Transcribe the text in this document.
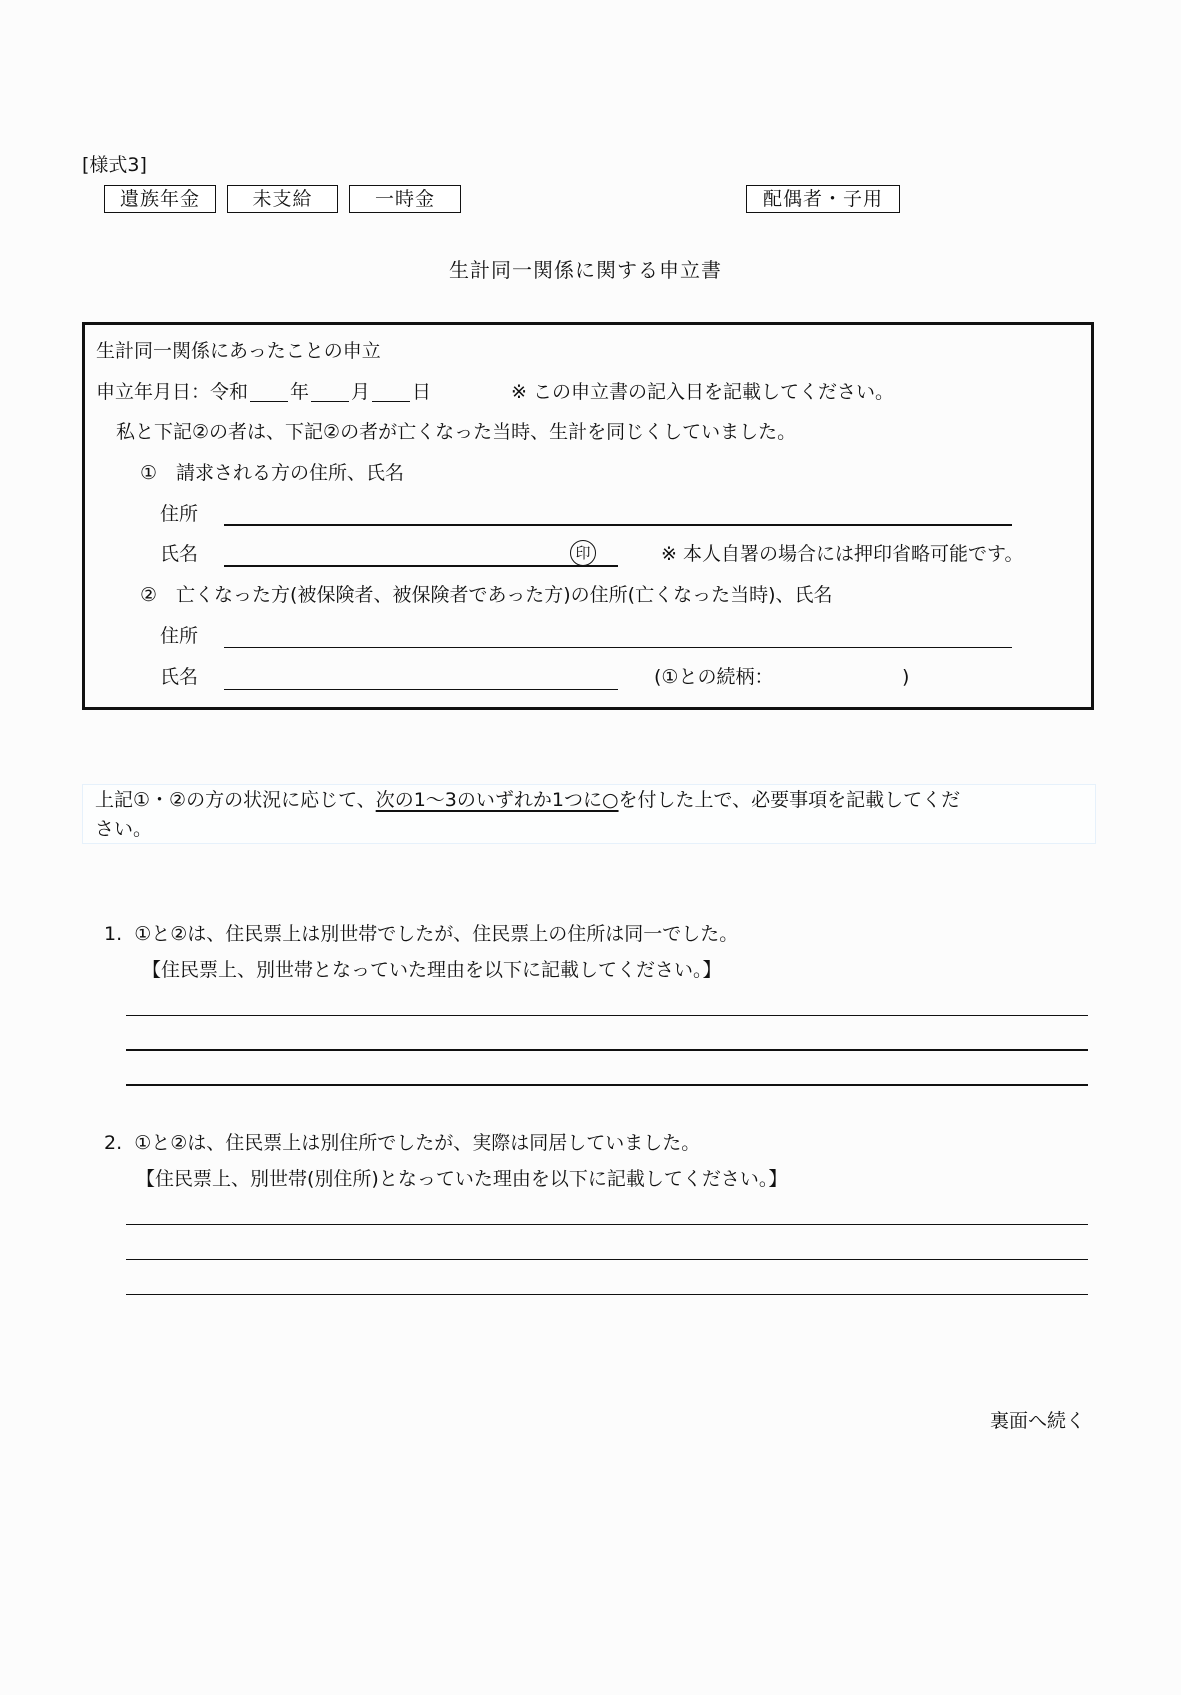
[様式3]
遺族年金	未支給	一時金	配偶者・子用
生計同一関係に関する申立書
生計同一関係にあったことの申立
申立年月日：令和 年 月 日	※ この申立書の記入日を記載してください。
私と下記②の者は、下記②の者が亡くなった当時、生計を同じくしていました。
①　請求される方の住所、氏名
住所
氏名	印	※ 本人自署の場合には押印省略可能です。
②　亡くなった方(被保険者、被保険者であった方)の住所(亡くなった当時)、氏名
住所
氏名	(①との続柄：	)
上記①・②の方の状況に応じて、次の1～3のいずれか1つに○を付した上で、必要事項を記載してくだ
さい。
1. ①と②は、住民票上は別世帯でしたが、住民票上の住所は同一でした。
【住民票上、別世帯となっていた理由を以下に記載してください。】
2. ①と②は、住民票上は別住所でしたが、実際は同居していました。
【住民票上、別世帯(別住所)となっていた理由を以下に記載してください。】
裏面へ続く
